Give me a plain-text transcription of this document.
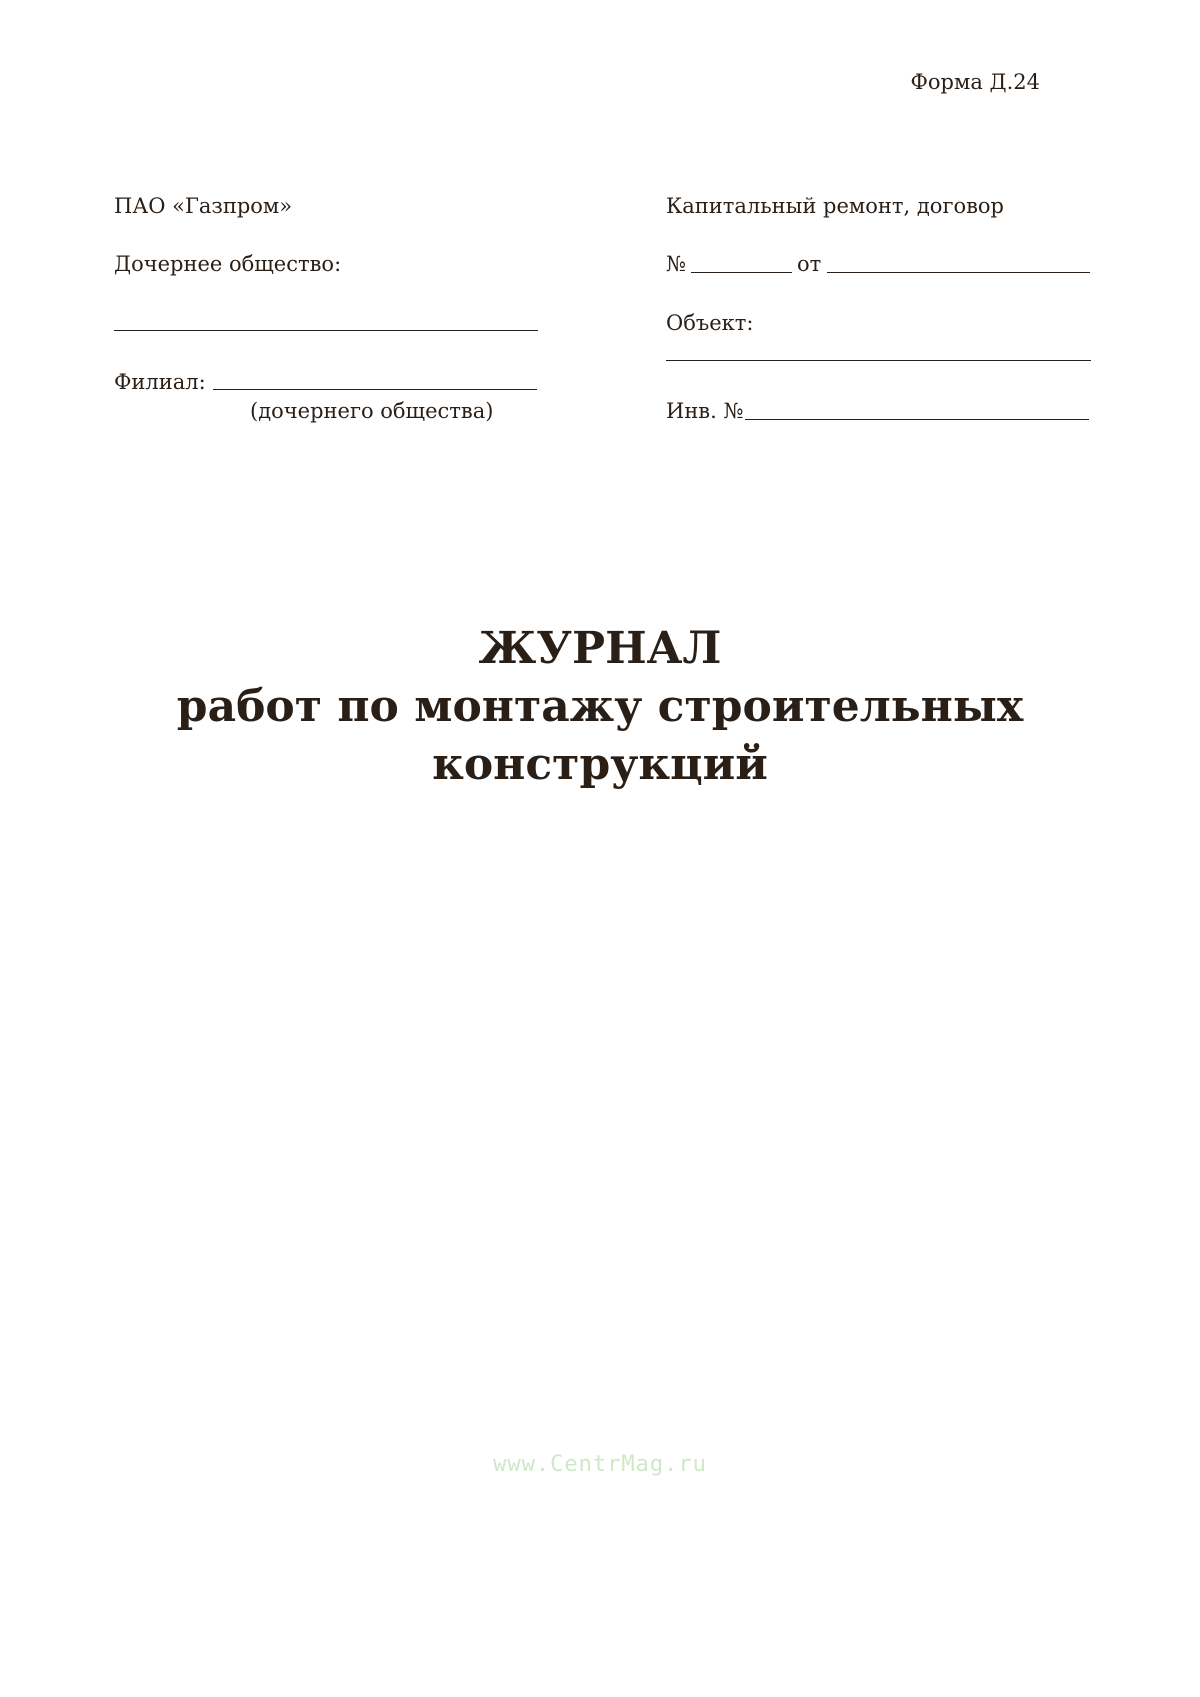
Форма Д.24
ПАО «Газпром»
Дочернее общество:
Филиал:
(дочернего общества)
Капитальный ремонт, договор
№	от
Объект:
Инв. №
ЖУРНАЛ
работ по монтажу строительных
конструкций
www.CentrMag.ru
